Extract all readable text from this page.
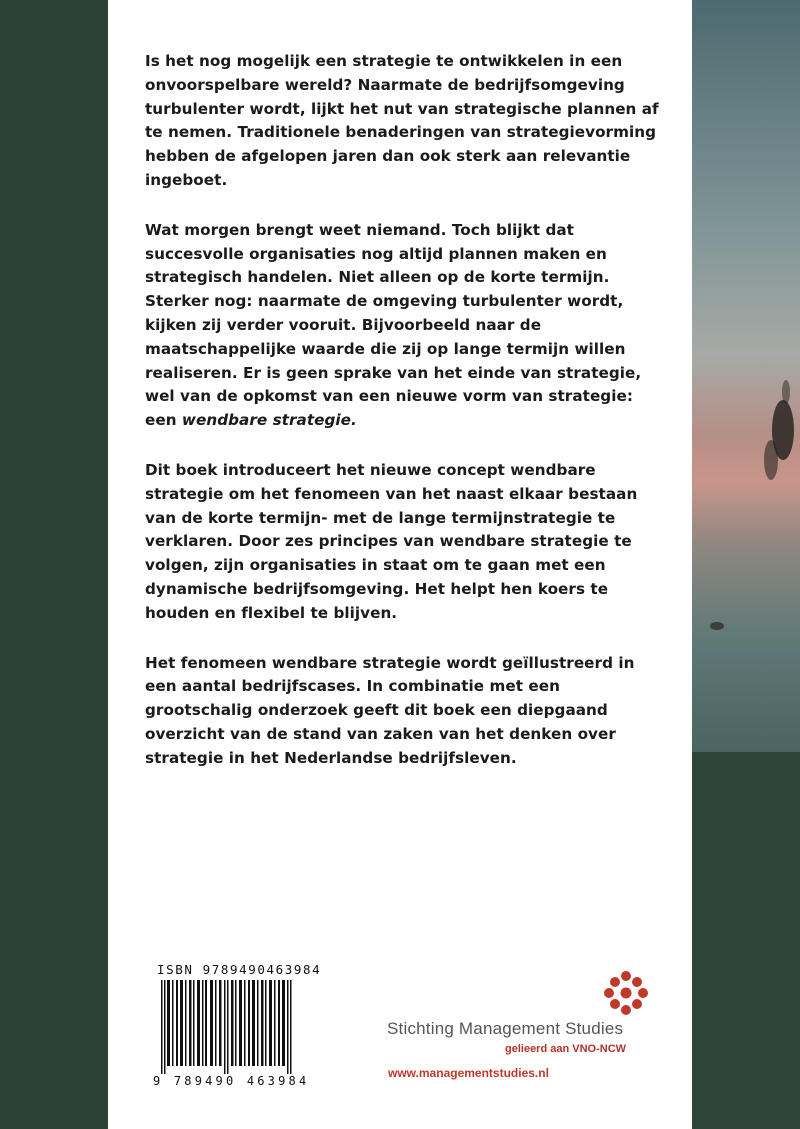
Is het nog mogelijk een strategie te ontwikkelen in een onvoorspelbare wereld? Naarmate de bedrijfsomgeving turbulenter wordt, lijkt het nut van strategische plannen af te nemen. Traditionele benaderingen van strategievorming hebben de afgelopen jaren dan ook sterk aan relevantie ingeboet.

Wat morgen brengt weet niemand. Toch blijkt dat succesvolle organisaties nog altijd plannen maken en strategisch handelen. Niet alleen op de korte termijn. Sterker nog: naarmate de omgeving turbulenter wordt, kijken zij verder vooruit. Bijvoorbeeld naar de maatschappelijke waarde die zij op lange termijn willen realiseren. Er is geen sprake van het einde van strategie, wel van de opkomst van een nieuwe vorm van strategie: een wendbare strategie.

Dit boek introduceert het nieuwe concept wendbare strategie om het fenomeen van het naast elkaar bestaan van de korte termijn- met de lange termijnstrategie te verklaren. Door zes principes van wendbare strategie te volgen, zijn organisaties in staat om te gaan met een dynamische bedrijfsomgeving. Het helpt hen koers te houden en flexibel te blijven.

Het fenomeen wendbare strategie wordt geïllustreerd in een aantal bedrijfscases. In combinatie met een grootschalig onderzoek geeft dit boek een diepgaand overzicht van de stand van zaken van het denken over strategie in het Nederlandse bedrijfsleven.

ISBN 9789490463984
9 789490 463984
Stichting Management Studies
gelieerd aan VNO-NCW
www.managementstudies.nl
